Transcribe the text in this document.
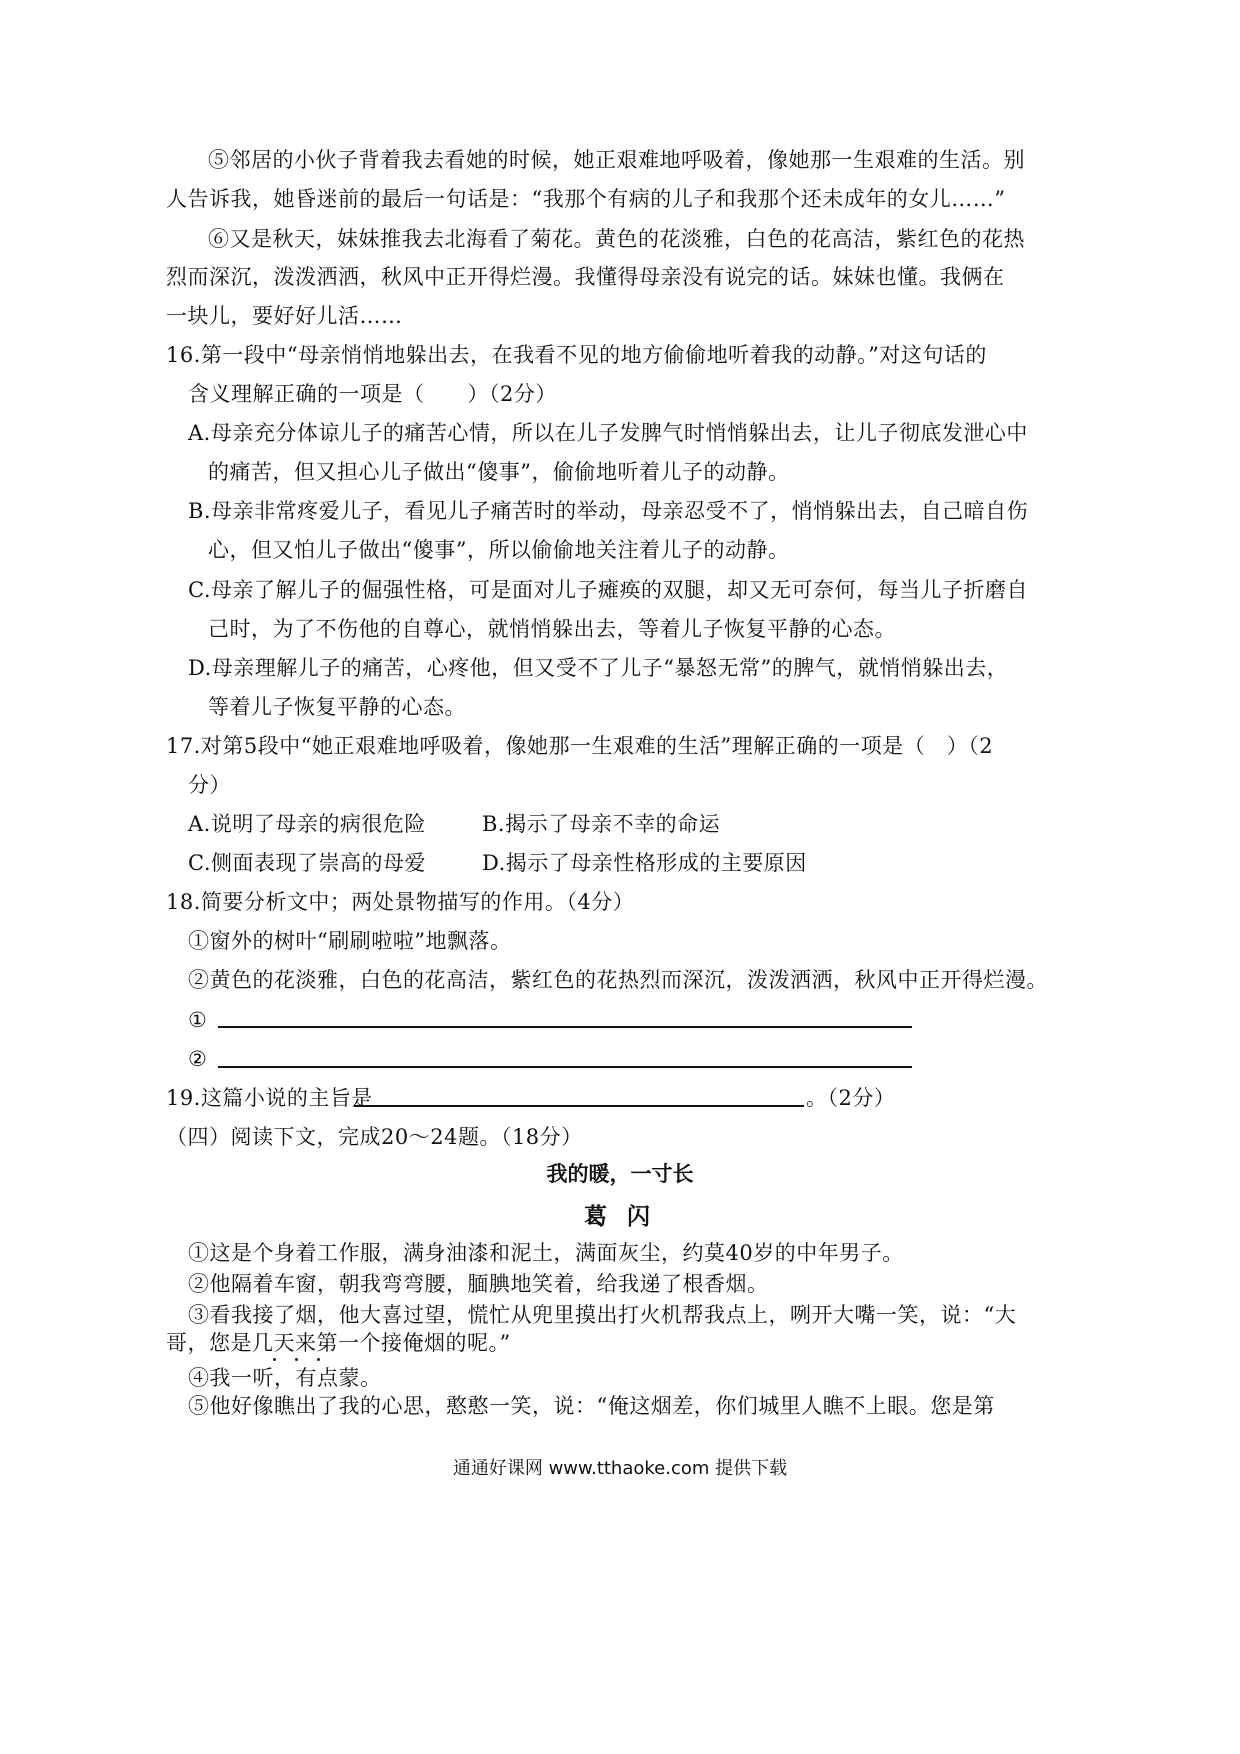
⑤邻居的小伙子背着我去看她的时候，她正艰难地呼吸着，像她那一生艰难的生活。别
人告诉我，她昏迷前的最后一句话是：“我那个有病的儿子和我那个还未成年的女儿……”
⑥又是秋天，妹妹推我去北海看了菊花。黄色的花淡雅，白色的花高洁，紫红色的花热
烈而深沉，泼泼洒洒，秋风中正开得烂漫。我懂得母亲没有说完的话。妹妹也懂。我俩在
一块儿，要好好儿活……
16.第一段中“母亲悄悄地躲出去，在我看不见的地方偷偷地听着我的动静。”对这句话的
含义理解正确的一项是（　　）（2分）
A.母亲充分体谅儿子的痛苦心情，所以在儿子发脾气时悄悄躲出去，让儿子彻底发泄心中
的痛苦，但又担心儿子做出“傻事”，偷偷地听着儿子的动静。
B.母亲非常疼爱儿子，看见儿子痛苦时的举动，母亲忍受不了，悄悄躲出去，自己暗自伤
心，但又怕儿子做出“傻事”，所以偷偷地关注着儿子的动静。
C.母亲了解儿子的倔强性格，可是面对儿子瘫痪的双腿，却又无可奈何，每当儿子折磨自
己时，为了不伤他的自尊心，就悄悄躲出去，等着儿子恢复平静的心态。
D.母亲理解儿子的痛苦，心疼他，但又受不了儿子“暴怒无常”的脾气，就悄悄躲出去，
等着儿子恢复平静的心态。
17.对第5段中“她正艰难地呼吸着，像她那一生艰难的生活”理解正确的一项是（　）（2
分）
A.说明了母亲的病很危险	B.揭示了母亲不幸的命运
C.侧面表现了崇高的母爱	D.揭示了母亲性格形成的主要原因
18.简要分析文中；两处景物描写的作用。（4分）
①窗外的树叶“刷刷啦啦”地飘落。
②黄色的花淡雅，白色的花高洁，紫红色的花热烈而深沉，泼泼洒洒，秋风中正开得烂漫。
①
②
19.这篇小说的主旨是	。（2分）
（四）阅读下文，完成20～24题。（18分）
我的暖，一寸长
葛 闪
①这是个身着工作服，满身油漆和泥土，满面灰尘，约莫40岁的中年男子。
②他隔着车窗，朝我弯弯腰，腼腆地笑着，给我递了根香烟。
③看我接了烟，他大喜过望，慌忙从兜里摸出打火机帮我点上，咧开大嘴一笑，说：“大
哥，您是几天来第一个接俺烟的呢。”
④我一听，有点蒙。
⑤他好像瞧出了我的心思，憨憨一笑，说：“俺这烟差，你们城里人瞧不上眼。您是第
通通好课网 www.tthaoke.com 提供下载
